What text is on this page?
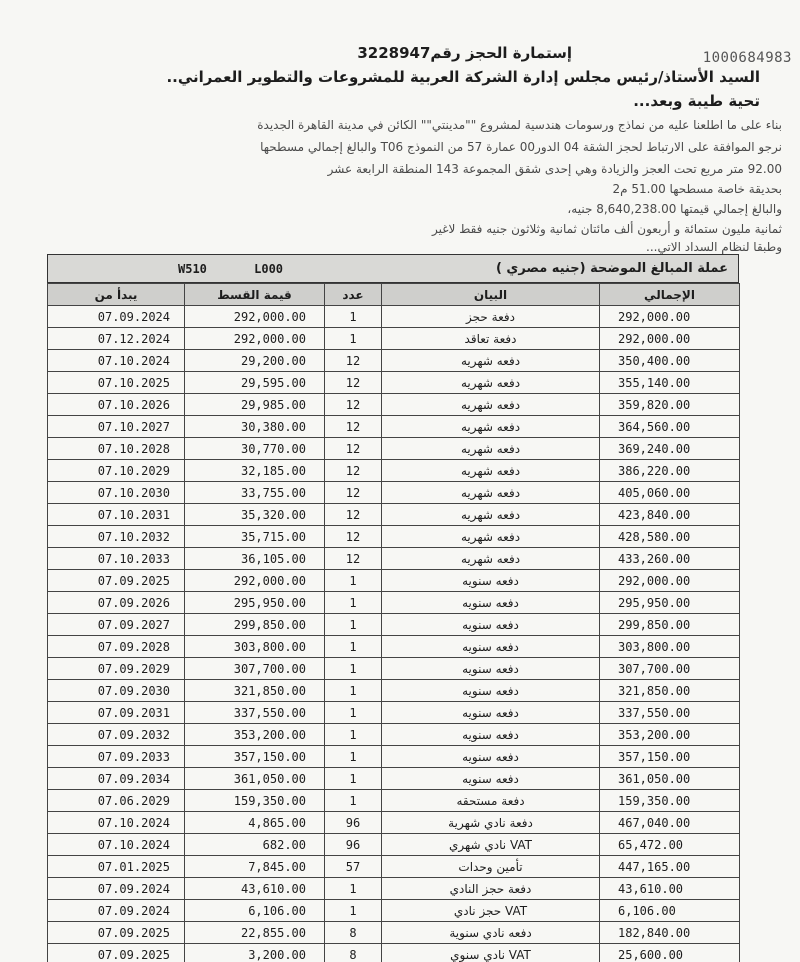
1000684983
إستمارة الحجز رقم3228947
السيد الأستاذ/رئيس مجلس إدارة الشركة العربية للمشروعات والتطوير العمراني..
تحية طيبة وبعد...
بناء على ما اطلعنا عليه من نماذج ورسومات هندسية لمشروع ""مدينتي"" الكائن في مدينة القاهرة الجديدة
نرجو الموافقة على الارتباط لحجز الشقة 04 الدور00 عمارة 57 من النموذج T06 والبالغ إجمالي مسطحها
92.00 متر مربع تحت العجز والزيادة وهي إحدى شقق المجموعة 143 المنطقة الرابعة عشر
بحديقة خاصة مسطحها 51.00 م2
والبالغ إجمالي قيمتها 8,640,238.00 جنيه،
ثمانية مليون ستمائة و أربعون ألف مائتان ثمانية وثلاثون جنيه فقط لاغير
وطبقا لنظام السداد الاتي...
W510 L000	عملة المبالغ الموضحة (جنيه مصري )
يبدأ من	قيمة القسط	عدد	البيان	الإجمالي
07.09.2024	292,000.00	1	دفعة حجز	292,000.00
07.12.2024	292,000.00	1	دفعة تعاقد	292,000.00
07.10.2024	29,200.00	12	دفعه شهريه	350,400.00
07.10.2025	29,595.00	12	دفعه شهريه	355,140.00
07.10.2026	29,985.00	12	دفعه شهريه	359,820.00
07.10.2027	30,380.00	12	دفعه شهريه	364,560.00
07.10.2028	30,770.00	12	دفعه شهريه	369,240.00
07.10.2029	32,185.00	12	دفعه شهريه	386,220.00
07.10.2030	33,755.00	12	دفعه شهريه	405,060.00
07.10.2031	35,320.00	12	دفعه شهريه	423,840.00
07.10.2032	35,715.00	12	دفعه شهريه	428,580.00
07.10.2033	36,105.00	12	دفعه شهريه	433,260.00
07.09.2025	292,000.00	1	دفعه سنويه	292,000.00
07.09.2026	295,950.00	1	دفعه سنويه	295,950.00
07.09.2027	299,850.00	1	دفعه سنويه	299,850.00
07.09.2028	303,800.00	1	دفعه سنويه	303,800.00
07.09.2029	307,700.00	1	دفعه سنويه	307,700.00
07.09.2030	321,850.00	1	دفعه سنويه	321,850.00
07.09.2031	337,550.00	1	دفعه سنويه	337,550.00
07.09.2032	353,200.00	1	دفعه سنويه	353,200.00
07.09.2033	357,150.00	1	دفعه سنويه	357,150.00
07.09.2034	361,050.00	1	دفعه سنويه	361,050.00
07.06.2029	159,350.00	1	دفعة مستحقه	159,350.00
07.10.2024	4,865.00	96	دفعة نادي شهرية	467,040.00
07.10.2024	682.00	96	VAT نادي شهري	65,472.00
07.01.2025	7,845.00	57	تأمين وحدات	447,165.00
07.09.2024	43,610.00	1	دفعة حجز النادي	43,610.00
07.09.2024	6,106.00	1	VAT حجز نادي	6,106.00
07.09.2025	22,855.00	8	دفعه نادي سنوية	182,840.00
07.09.2025	3,200.00	8	VAT نادي سنوي	25,600.00
